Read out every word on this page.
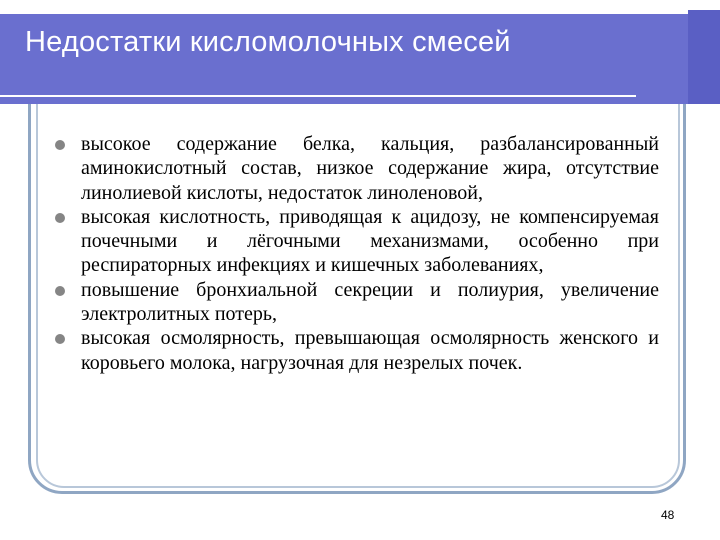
Недостатки кисломолочных смесей
высокое содержание белка, кальция, разбалансированный аминокислотный состав, низкое содержание жира, отсутствие линолиевой кислоты, недостаток линоленовой,
высокая кислотность, приводящая к ацидозу, не компенсируемая почечными и лёгочными механизмами, особенно при респираторных инфекциях и кишечных заболеваниях,
повышение бронхиальной секреции и полиурия, увеличение электролитных потерь,
высокая осмолярность, превышающая осмолярность женского и коровьего молока, нагрузочная для незрелых почек.
48
